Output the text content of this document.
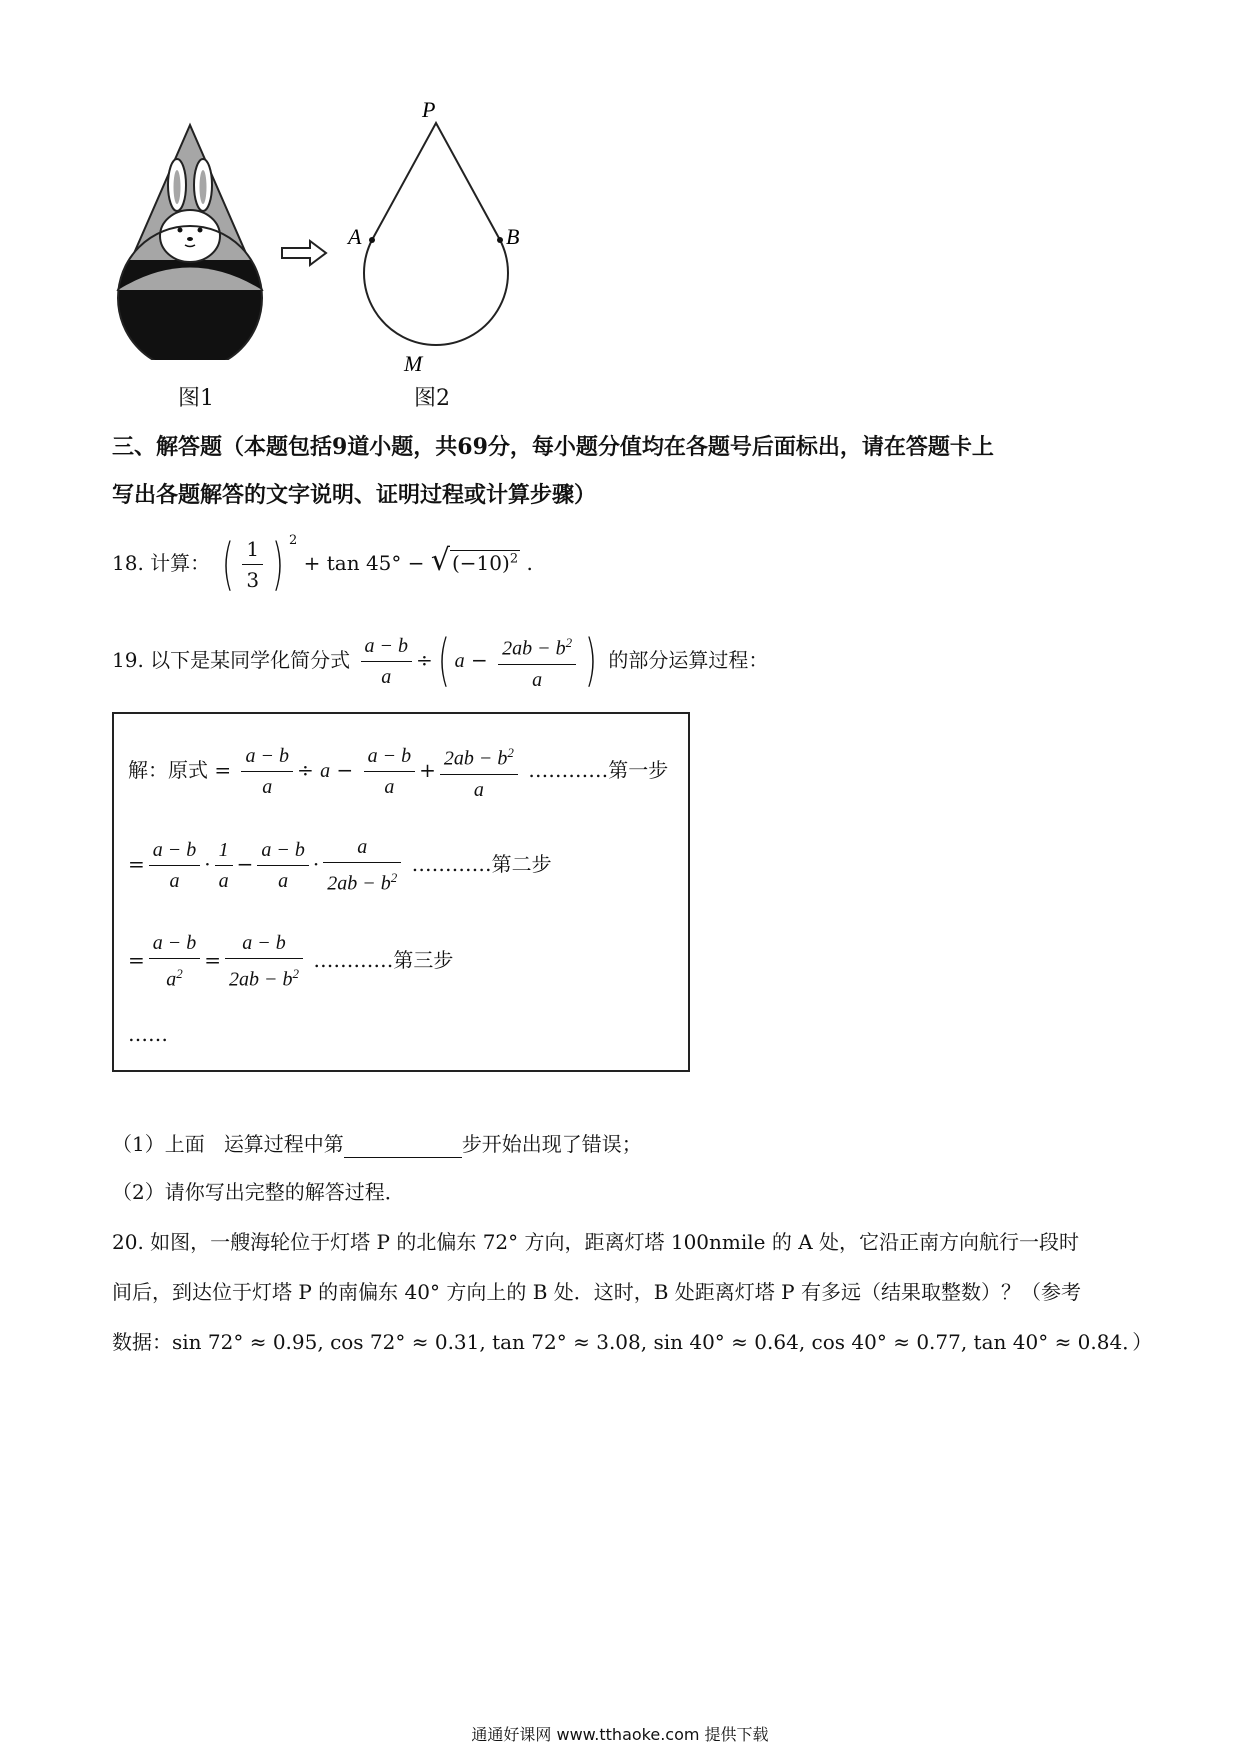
P
A	B
M
图1	图2
三、解答题（本题包括9道小题，共69分，每小题分值均在各题号后面标出，请在答题卡上
写出各题解答的文字说明、证明过程或计算步骤）
18. 计算： ( $\frac{1}{3}$ ) $^2$ + tan 45° − √ $(-10)^2$ .
19. 以下是某同学化简分式 $\frac{a - b}{a}$ ÷( $a - \frac{2ab - b^2}{a}$ ) 的部分运算过程：
解：原式 = $\frac{a - b}{a} \div a - \frac{a - b}{a} + \frac{2ab - b^2}{a}$ …………第一步
= $\frac{a - b}{a} \cdot \frac{1}{a} - \frac{a - b}{a} \cdot \frac{a}{2ab - b^2}$ …………第二步
= $\frac{a - b}{a^2} = \frac{a - b}{2ab - b^2}$ …………第三步
……
（1）上面 运算过程中第	步开始出现了错误；
（2）请你写出完整的解答过程．
20. 如图，一艘海轮位于灯塔 P 的北偏东 72° 方向，距离灯塔 100nmile 的 A 处，它沿正南方向航行一段时
间后，到达位于灯塔 P 的南偏东 40° 方向上的 B 处．这时，B 处距离灯塔 P 有多远（结果取整数）？（参考
数据：sin 72° ≈ 0.95, cos 72° ≈ 0.31, tan 72° ≈ 3.08, sin 40° ≈ 0.64, cos 40° ≈ 0.77, tan 40° ≈ 0.84．）
通通好课网 www.tthaoke.com 提供下载
